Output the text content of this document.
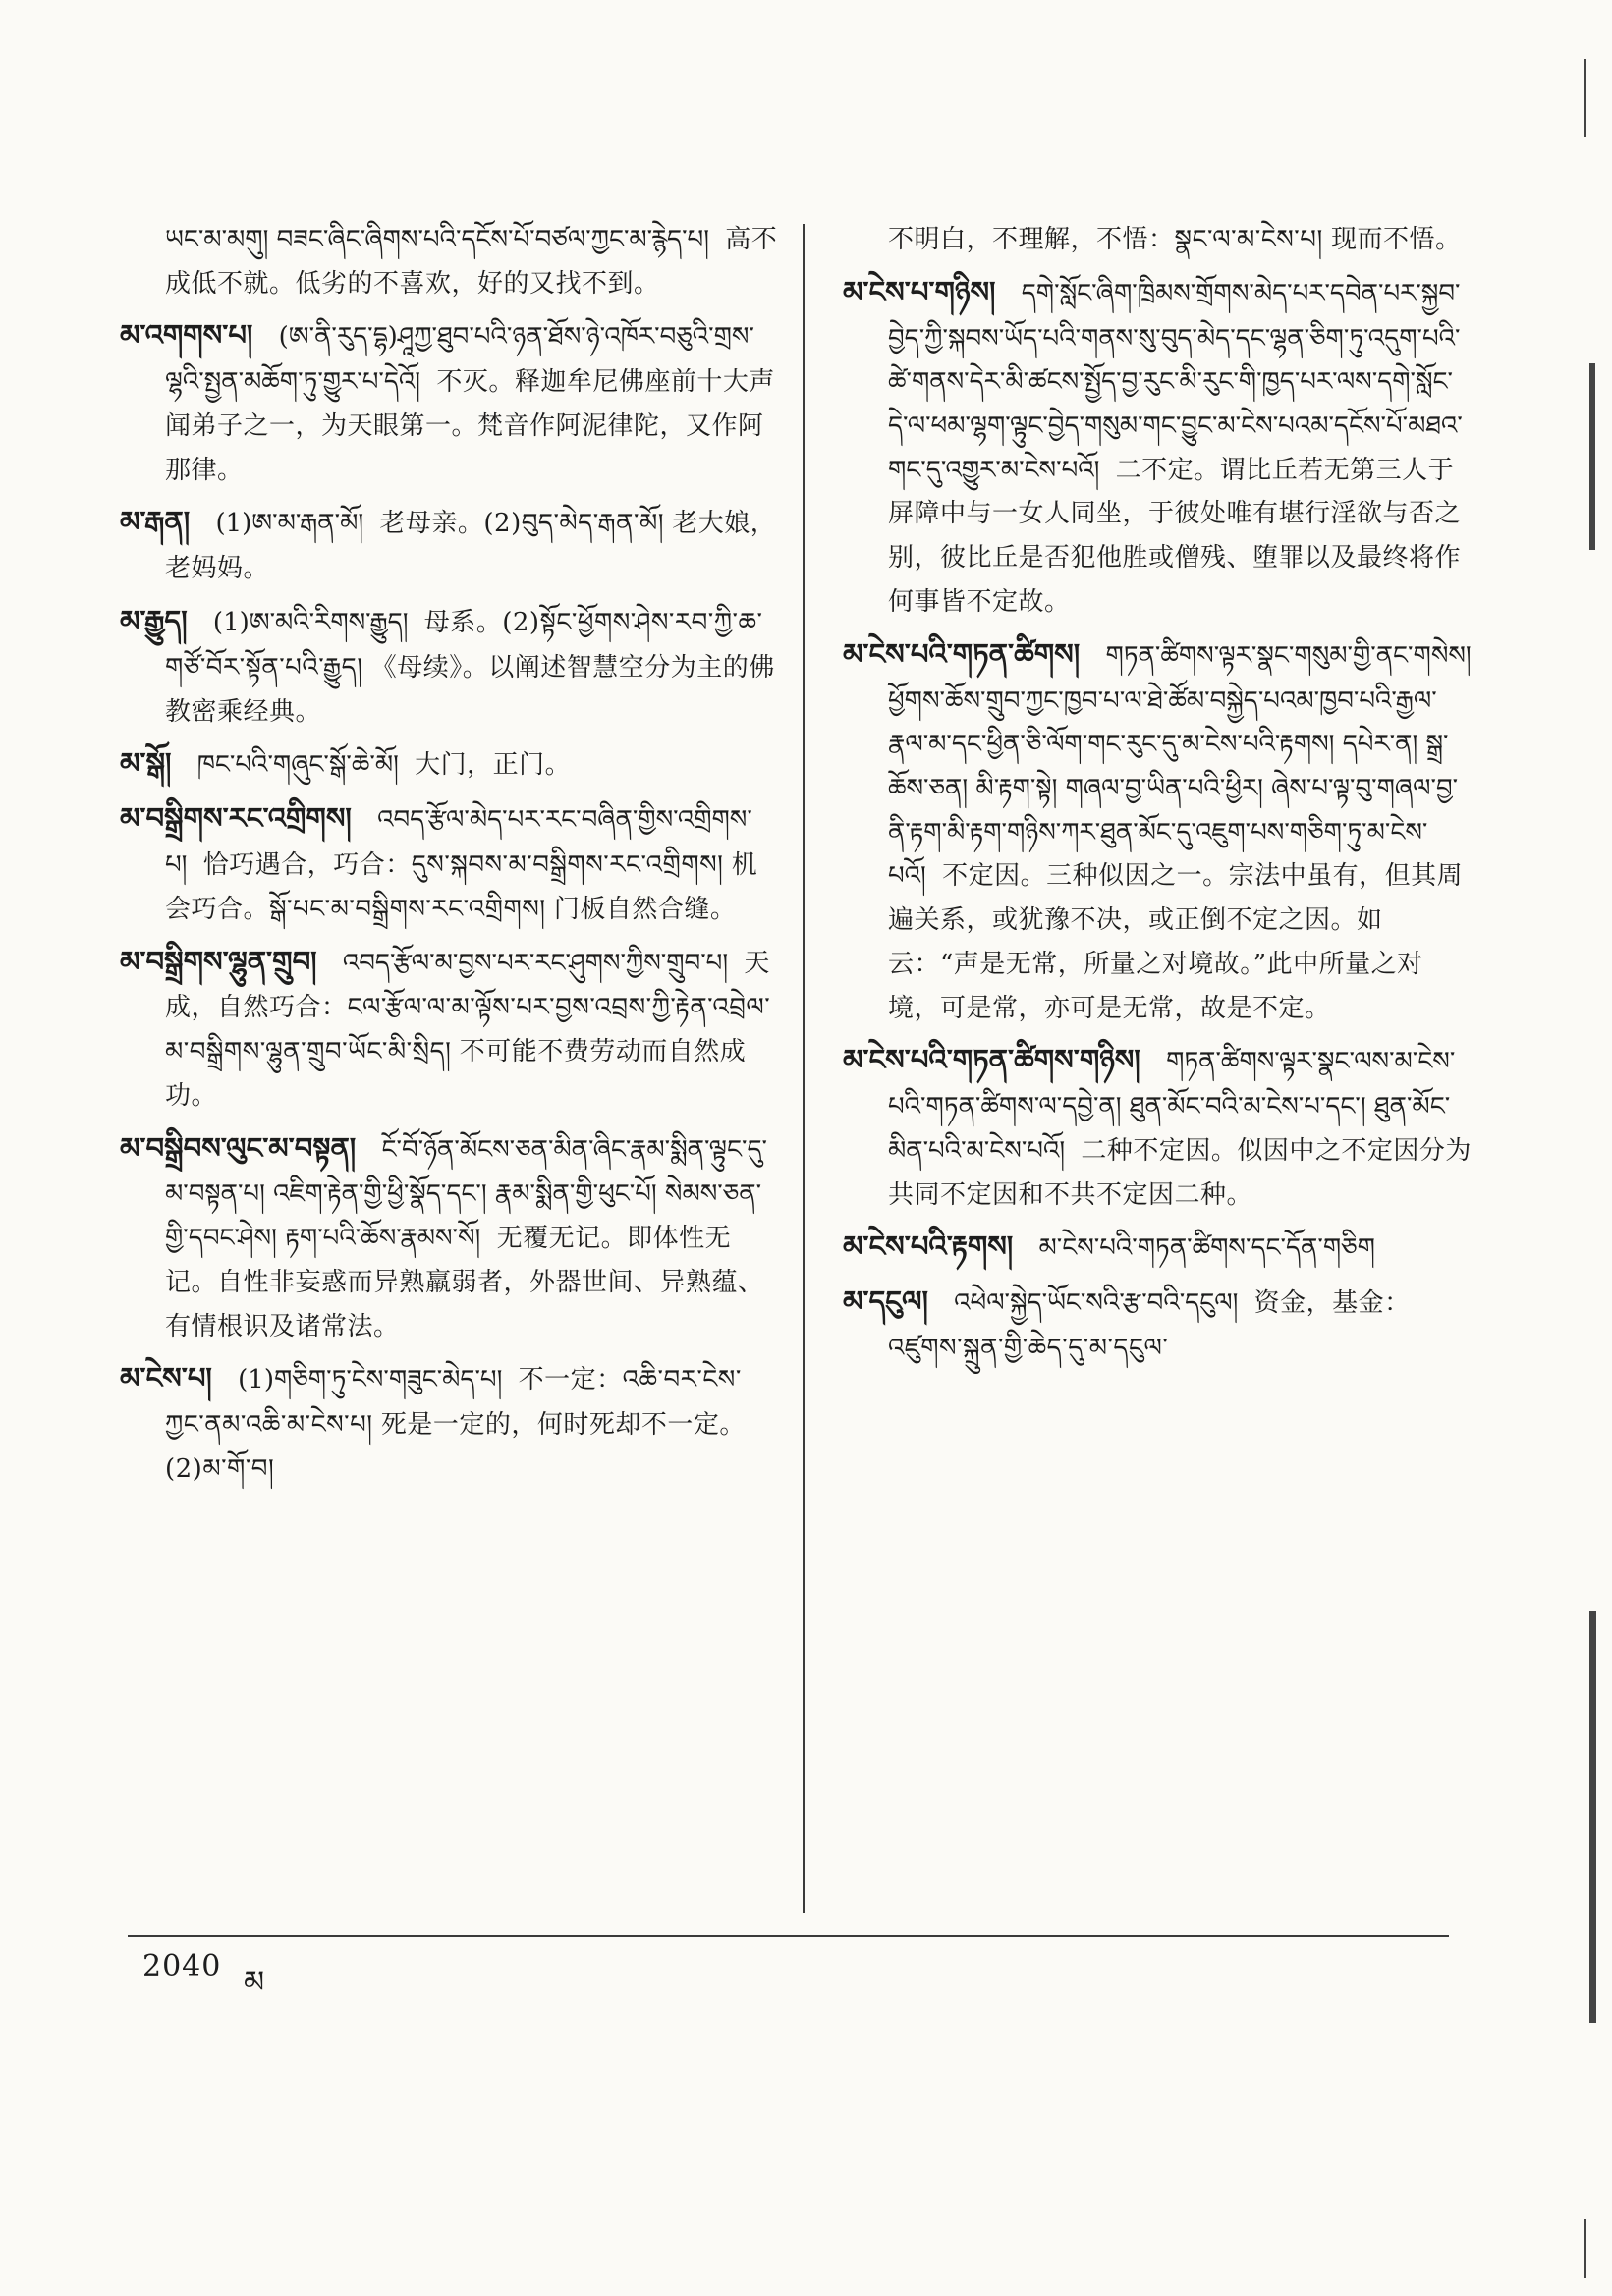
ཡང་མ་མགུ། བཟང་ཞིང་ཞིགས་པའི་དངོས་པོ་བཙལ་ཀྱང་མ་རྙེད་པ། 高不成低不就。低劣的不喜欢，好的又找不到。

མ་འགགས་པ། (ཨ་ནི་རུད་དྷ)ཤཱཀྱ་ཐུབ་པའི་ཉན་ཐོས་ཉེ་འཁོར་བཅུའི་གྲས་ལྷའི་སྤྱན་མཆོག་ཏུ་གྱུར་པ་དེའོ། 不灭。释迦牟尼佛座前十大声闻弟子之一，为天眼第一。梵音作阿泥律陀，又作阿那律。

མ་རྒན། (1)ཨ་མ་རྒན་མོ། 老母亲。(2)བུད་མེད་རྒན་མོ། 老大娘，老妈妈。

མ་རྒྱུད། (1)ཨ་མའི་རིགས་རྒྱུད། 母系。(2)སྟོང་ཕྱོགས་ཤེས་རབ་ཀྱི་ཆ་གཙོ་བོར་སྟོན་པའི་རྒྱུད། 《母续》。以阐述智慧空分为主的佛教密乘经典。

མ་སྒོ། ཁང་པའི་གཞུང་སྒོ་ཆེ་མོ། 大门，正门。

མ་བསྒྲིགས་རང་འགྲིགས། འབད་རྩོལ་མེད་པར་རང་བཞིན་གྱིས་འགྲིགས་པ། 恰巧遇合，巧合：དུས་སྐབས་མ་བསྒྲིགས་རང་འགྲིགས། 机会巧合。སྒོ་པང་མ་བསྒྲིགས་རང་འགྲིགས། 门板自然合缝。

མ་བསྒྲིགས་ལྷུན་གྲུབ། འབད་རྩོལ་མ་བྱས་པར་རང་ཤུགས་ཀྱིས་གྲུབ་པ། 天成，自然巧合：ངལ་རྩོལ་ལ་མ་ལྟོས་པར་བྱས་འབྲས་ཀྱི་རྟེན་འབྲེལ་མ་བསྒྲིགས་ལྷུན་གྲུབ་ཡོང་མི་སྲིད། 不可能不费劳动而自然成功。

མ་བསྒྲིབས་ལུང་མ་བསྟན། ངོ་བོ་ཉོན་མོངས་ཅན་མིན་ཞིང་རྣམ་སྨིན་ལྟུང་དུ་མ་བསྟན་པ། འཇིག་རྟེན་གྱི་ཕྱི་སྣོད་དང་། རྣམ་སྨིན་གྱི་ཕུང་པོ། སེམས་ཅན་གྱི་དབང་ཤེས། རྟག་པའི་ཆོས་རྣམས་སོ། 无覆无记。即体性无记。自性非妄惑而异熟羸弱者，外器世间、异熟蕴、有情根识及诸常法。

མ་ངེས་པ། (1)གཅིག་ཏུ་ངེས་གཟུང་མེད་པ། 不一定：འཆི་བར་ངེས་ཀྱང་ནམ་འཆི་མ་ངེས་པ། 死是一定的，何时死却不一定。(2)མ་གོ་བ།

不明白，不理解，不悟：སྣང་ལ་མ་ངེས་པ། 现而不悟。

མ་ངེས་པ་གཉིས། དགེ་སློང་ཞིག་ཁྲིམས་གྲོགས་མེད་པར་དབེན་པར་སྐྱབ་བྱེད་ཀྱི་སྐབས་ཡོད་པའི་གནས་སུ་བུད་མེད་དང་ལྷན་ཅིག་ཏུ་འདུག་པའི་ཚེ་གནས་དེར་མི་ཚངས་སྤྱོད་བྱ་རུང་མི་རུང་གི་ཁྱད་པར་ལས་དགེ་སློང་དེ་ལ་ཕམ་ལྷག་ལྟུང་བྱེད་གསུམ་གང་བྱུང་མ་ངེས་པའམ་དངོས་པོ་མཐའ་གང་དུ་འགྱུར་མ་ངེས་པའོ། 二不定。谓比丘若无第三人于屏障中与一女人同坐，于彼处唯有堪行淫欲与否之别，彼比丘是否犯他胜或僧残、堕罪以及最终将作何事皆不定故。

མ་ངེས་པའི་གཏན་ཚིགས། གཏན་ཚིགས་ལྟར་སྣང་གསུམ་གྱི་ནང་གསེས། ཕྱོགས་ཆོས་གྲུབ་ཀྱང་ཁྱབ་པ་ལ་ཐེ་ཚོམ་བསྐྱེད་པའམ་ཁྱབ་པའི་རྒྱལ་རྣལ་མ་དང་ཕྱིན་ཅི་ལོག་གང་རུང་དུ་མ་ངེས་པའི་རྟགས། དཔེར་ན། སྒྲ་ཆོས་ཅན། མི་རྟག་སྟེ། གཞལ་བྱ་ཡིན་པའི་ཕྱིར། ཞེས་པ་ལྟ་བུ་གཞལ་བྱ་ནི་རྟག་མི་རྟག་གཉིས་ཀར་ཐུན་མོང་དུ་འཇུག་པས་གཅིག་ཏུ་མ་ངེས་པའོ། 不定因。三种似因之一。宗法中虽有，但其周遍关系，或犹豫不决，或正倒不定之因。如云：“声是无常，所量之对境故。”此中所量之对境，可是常，亦可是无常，故是不定。

མ་ངེས་པའི་གཏན་ཚིགས་གཉིས། གཏན་ཚིགས་ལྟར་སྣང་ལས་མ་ངེས་པའི་གཏན་ཚིགས་ལ་དབྱེ་ན། ཐུན་མོང་བའི་མ་ངེས་པ་དང་། ཐུན་མོང་མིན་པའི་མ་ངེས་པའོ། 二种不定因。似因中之不定因分为共同不定因和不共不定因二种。

མ་ངེས་པའི་རྟགས། མ་ངེས་པའི་གཏན་ཚིགས་དང་དོན་གཅིག

མ་དངུལ། འཕེལ་སྐྱེད་ཡོང་སའི་རྩ་བའི་དངུལ། 资金，基金：འཛུགས་སྐྲུན་གྱི་ཆེད་དུ་མ་དངུལ་

2040 མ
